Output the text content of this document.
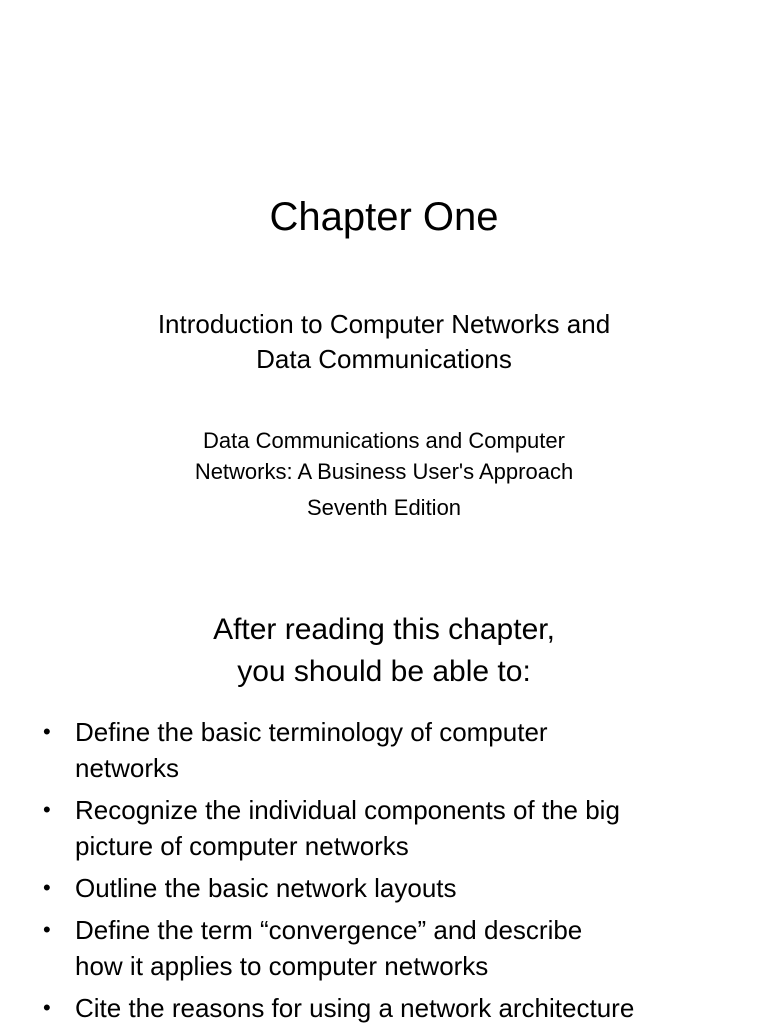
Chapter One
Introduction to Computer Networks and
Data Communications
Data Communications and Computer
Networks: A Business User's Approach
Seventh Edition
After reading this chapter,
you should be able to:
• Define the basic terminology of computer
networks
• Recognize the individual components of the big
picture of computer networks
• Outline the basic network layouts
• Define the term “convergence” and describe
how it applies to computer networks
• Cite the reasons for using a network architecture
